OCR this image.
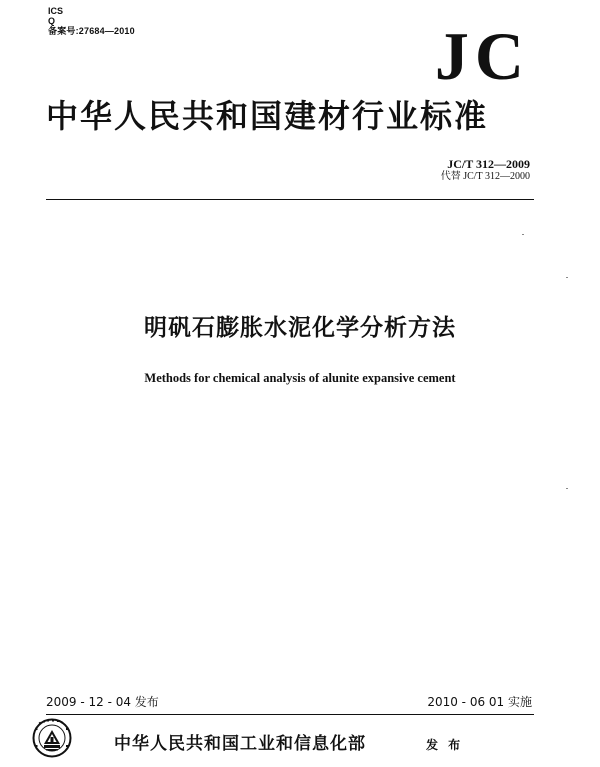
ICS
Q
备案号:27684—2010	JC
中华人民共和国建材行业标准
JC/T 312—2009
代替 JC/T 312—2000
明矾石膨胀水泥化学分析方法
Methods for chemical analysis of alunite expansive cement
2009 - 12 - 04 发布	2010 - 06 01 实施
中华人民共和国工业和信息化部	发 布
